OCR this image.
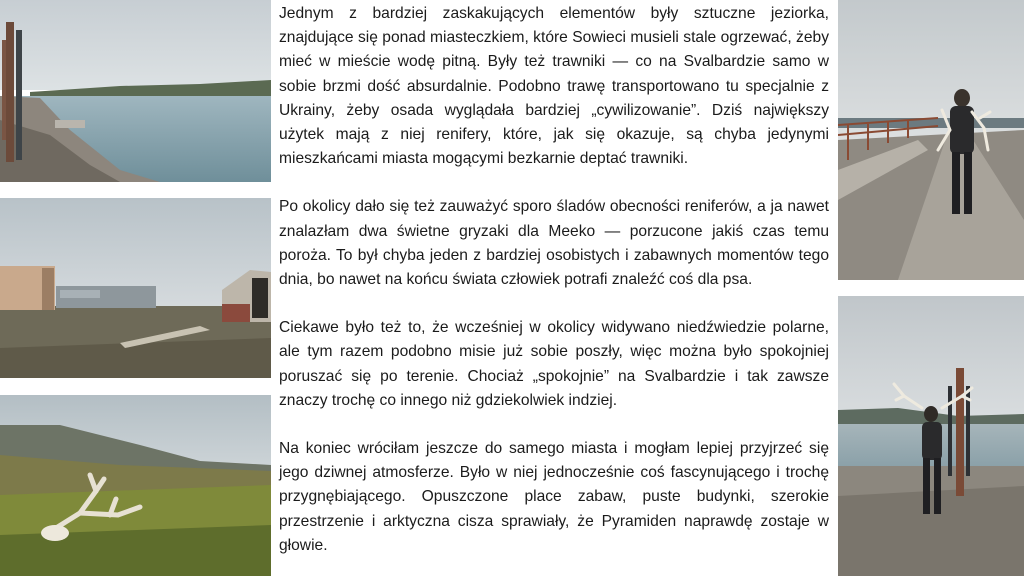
Jednym z bardziej zaskakujących elementów były sztuczne jeziorka, znajdujące się ponad miasteczkiem, które Sowieci musieli stale ogrzewać, żeby mieć w mieście wodę pitną. Były też trawniki — co na Svalbardzie samo w sobie brzmi dość absurdalnie. Podobno trawę transportowano tu specjalnie z Ukrainy, żeby osada wyglądała bardziej „cywilizowanie”. Dziś największy użytek mają z niej renifery, które, jak się okazuje, są chyba jedynymi mieszkańcami miasta mogącymi bezkarnie deptać trawniki.

Po okolicy dało się też zauważyć sporo śladów obecności reniferów, a ja nawet znalazłam dwa świetne gryzaki dla Meeko — porzucone jakiś czas temu poroża. To był chyba jeden z bardziej osobistych i zabawnych momentów tego dnia, bo nawet na końcu świata człowiek potrafi znaleźć coś dla psa.

Ciekawe było też to, że wcześniej w okolicy widywano niedźwiedzie polarne, ale tym razem podobno misie już sobie poszły, więc można było spokojniej poruszać się po terenie. Chociaż „spokojnie” na Svalbardzie i tak zawsze znaczy trochę co innego niż gdziekolwiek indziej.

Na koniec wróciłam jeszcze do samego miasta i mogłam lepiej przyjrzeć się jego dziwnej atmosferze. Było w niej jednocześnie coś fascynującego i trochę przygnębiającego. Opuszczone place zabaw, puste budynki, szerokie przestrzenie i arktyczna cisza sprawiały, że Pyramiden naprawdę zostaje w głowie.
